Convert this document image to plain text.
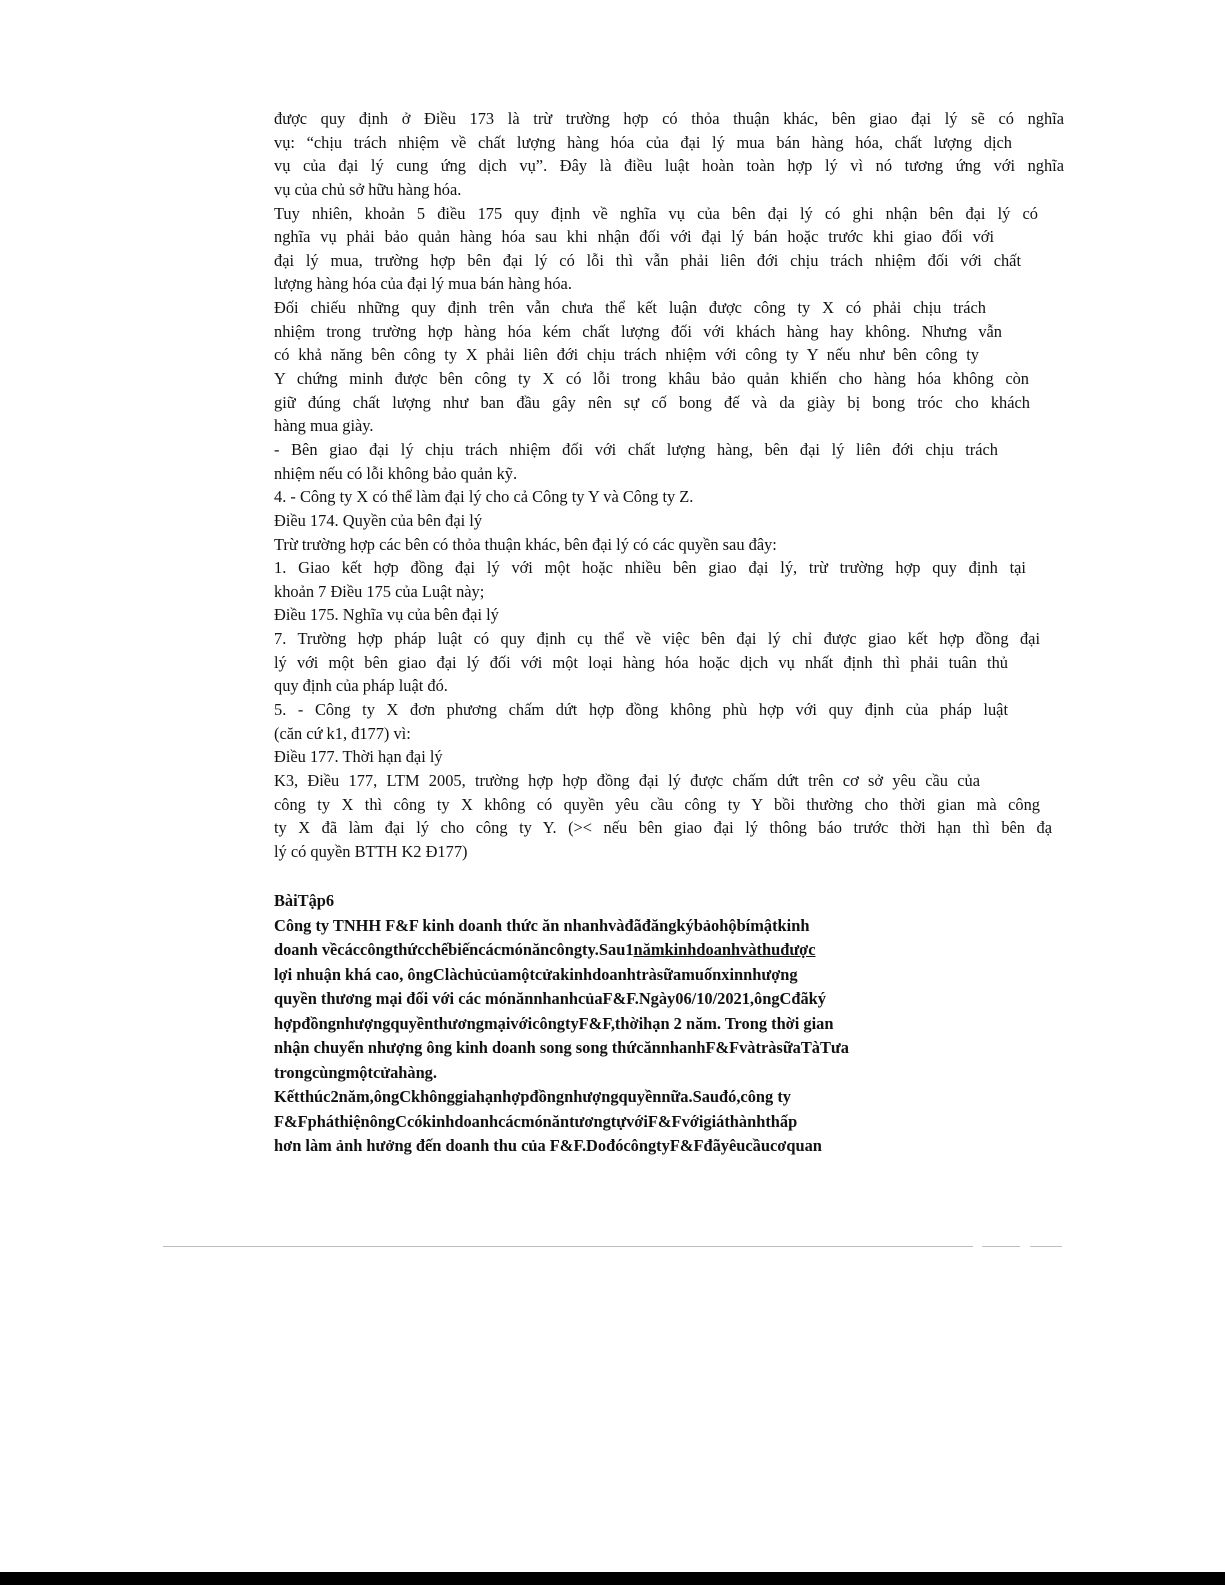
được quy định ở Điều 173 là trừ trường hợp có thỏa thuận khác, bên giao đại lý sẽ có nghĩa
vụ: “chịu trách nhiệm về chất lượng hàng hóa của đại lý mua bán hàng hóa, chất lượng dịch
vụ của đại lý cung ứng dịch vụ”. Đây là điều luật hoàn toàn hợp lý vì nó tương ứng với nghĩa
vụ của chủ sở hữu hàng hóa.
Tuy nhiên, khoản 5 điều 175 quy định về nghĩa vụ của bên đại lý có ghi nhận bên đại lý có
nghĩa vụ phải bảo quản hàng hóa sau khi nhận đối với đại lý bán hoặc trước khi giao đối với
đại lý mua, trường hợp bên đại lý có lỗi thì vẫn phải liên đới chịu trách nhiệm đối với chất
lượng hàng hóa của đại lý mua bán hàng hóa.
Đối chiếu những quy định trên vẫn chưa thể kết luận được công ty X có phải chịu trách
nhiệm trong trường hợp hàng hóa kém chất lượng đối với khách hàng hay không. Nhưng vẫn
có khả năng bên công ty X phải liên đới chịu trách nhiệm với công ty Y nếu như bên công ty
Y chứng minh được bên công ty X có lỗi trong khâu bảo quản khiến cho hàng hóa không còn
giữ đúng chất lượng như ban đầu gây nên sự cố bong đế và da giày bị bong tróc cho khách
hàng mua giày.
- Bên giao đại lý chịu trách nhiệm đối với chất lượng hàng, bên đại lý liên đới chịu trách
nhiệm nếu có lỗi không bảo quản kỹ.
4. - Công ty X có thể làm đại lý cho cả Công ty Y và Công ty Z.
Điều 174. Quyền của bên đại lý
Trừ trường hợp các bên có thỏa thuận khác, bên đại lý có các quyền sau đây:
1. Giao kết hợp đồng đại lý với một hoặc nhiều bên giao đại lý, trừ trường hợp quy định tại
khoản 7 Điều 175 của Luật này;
Điều 175. Nghĩa vụ của bên đại lý
7. Trường hợp pháp luật có quy định cụ thể về việc bên đại lý chỉ được giao kết hợp đồng đại
lý với một bên giao đại lý đối với một loại hàng hóa hoặc dịch vụ nhất định thì phải tuân thủ
quy định của pháp luật đó.
5. - Công ty X đơn phương chấm dứt hợp đồng không phù hợp với quy định của pháp luật
(căn cứ k1, đ177) vì:
Điều 177. Thời hạn đại lý
K3, Điều 177, LTM 2005, trường hợp hợp đồng đại lý được chấm dứt trên cơ sở yêu cầu của
công ty X thì công ty X không có quyền yêu cầu công ty Y bồi thường cho thời gian mà công
ty X đã làm đại lý cho công ty Y. (>< nếu bên giao đại lý thông báo trước thời hạn thì bên đạ
lý có quyền BTTH K2 Đ177)
BàiTập6
Công ty TNHH F&F kinh doanh thức ăn nhanhvàđãđăngkýbảohộbímậtkinh
doanh vềcáccôngthứcchếbiếncácmónăncôngty.Sau1nămkinhdoanhvàthuđược
lợi nhuận khá cao, ôngClàchủcủamộtcửakinhdoanhtràsữamuốnxinnhượng
quyền thương mại đối với các mónănnhanhcủaF&F.Ngày06/10/2021,ôngCđãký
hợpđồngnhượngquyềnthươngmạivớicôngtyF&F,thờihạn 2 năm. Trong thời gian
nhận chuyển nhượng ông kinh doanh song song thứcănnhanhF&FvàtràsữaTàTưa
trongcùngmộtcửahàng.
Kếtthúc2năm,ôngCkhônggiahạnhợpđồngnhượngquyềnnữa.Sauđó,công ty
F&FpháthiệnôngCcókinhdoanhcácmónăntươngtựvớiF&Fvớigiáthànhthấp
hơn làm ảnh hưởng đến doanh thu của F&F.DođócôngtyF&Fđãyêucầucơquan
